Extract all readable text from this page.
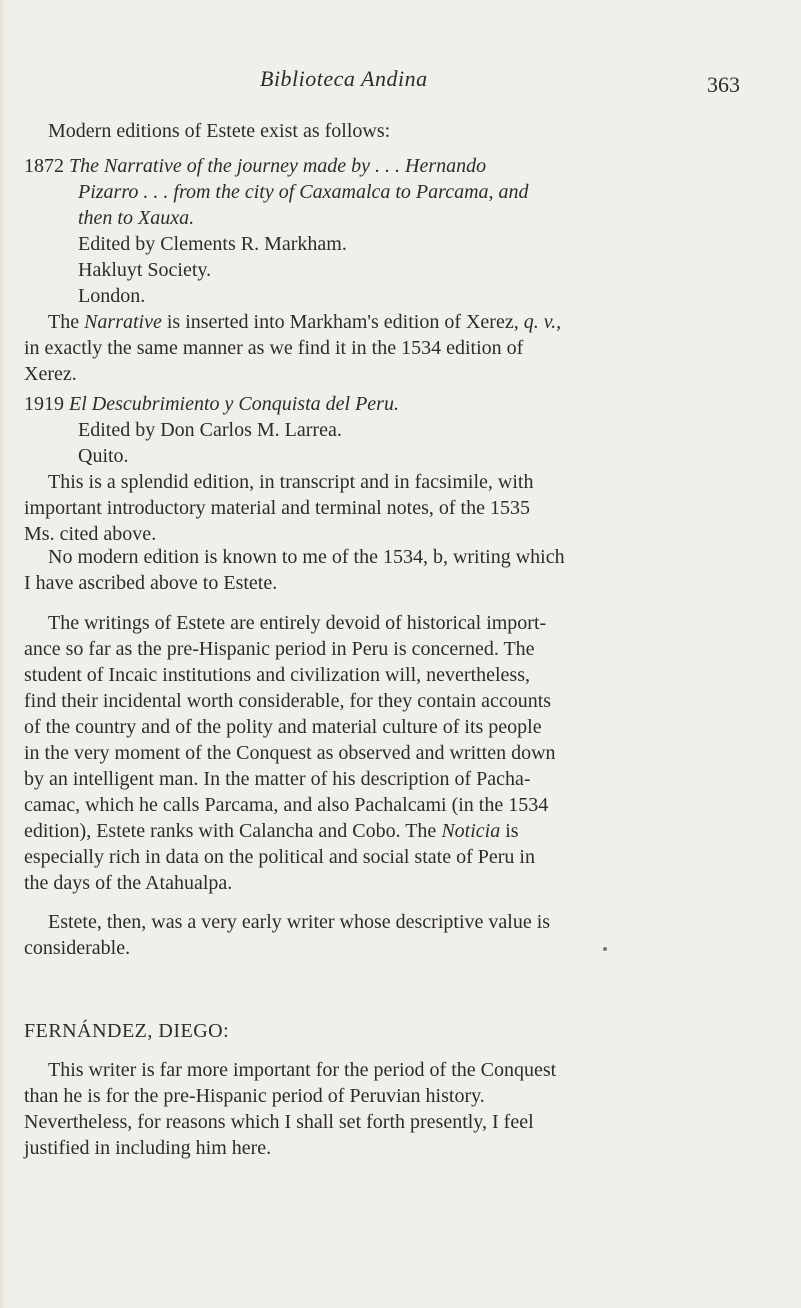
Biblioteca Andina	363
Modern editions of Estete exist as follows:
1872 The Narrative of the journey made by . . . Hernando
Pizarro . . . from the city of Caxamalca to Parcama, and
then to Xauxa.
Edited by Clements R. Markham.
Hakluyt Society.
London.
The Narrative is inserted into Markham's edition of Xerez, q. v.,
in exactly the same manner as we find it in the 1534 edition of
Xerez.
1919 El Descubrimiento y Conquista del Peru.
Edited by Don Carlos M. Larrea.
Quito.
This is a splendid edition, in transcript and in facsimile, with
important introductory material and terminal notes, of the 1535
Ms. cited above.
No modern edition is known to me of the 1534, b, writing which
I have ascribed above to Estete.
The writings of Estete are entirely devoid of historical import-
ance so far as the pre-Hispanic period in Peru is concerned. The
student of Incaic institutions and civilization will, nevertheless,
find their incidental worth considerable, for they contain accounts
of the country and of the polity and material culture of its people
in the very moment of the Conquest as observed and written down
by an intelligent man. In the matter of his description of Pacha-
camac, which he calls Parcama, and also Pachalcami (in the 1534
edition), Estete ranks with Calancha and Cobo. The Noticia is
especially rich in data on the political and social state of Peru in
the days of the Atahualpa.
Estete, then, was a very early writer whose descriptive value is
considerable.
FERNÁNDEZ, DIEGO:
This writer is far more important for the period of the Conquest
than he is for the pre-Hispanic period of Peruvian history.
Nevertheless, for reasons which I shall set forth presently, I feel
justified in including him here.
